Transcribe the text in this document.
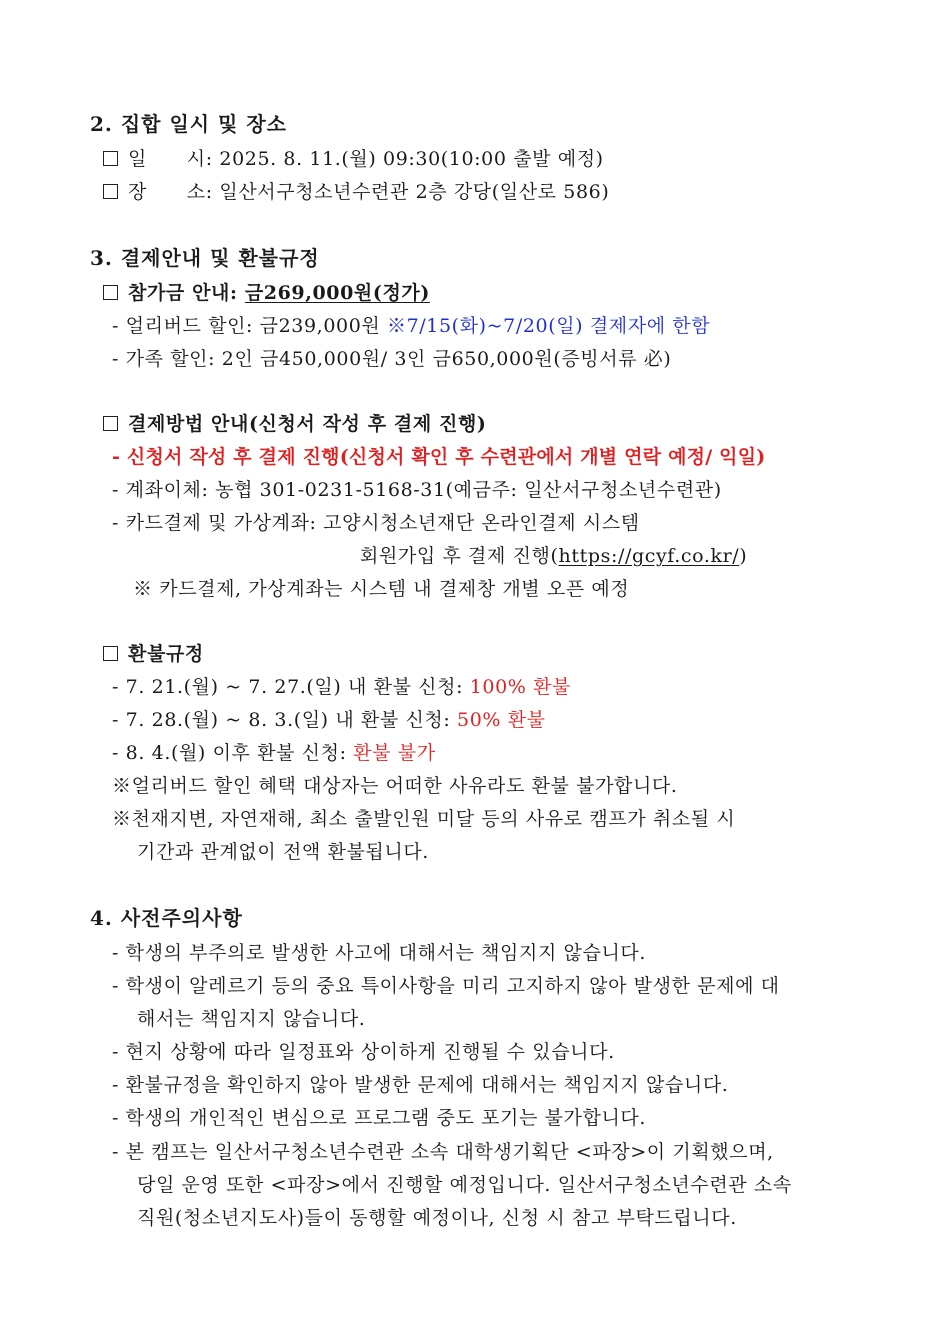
2. 집합 일시 및 장소
일      시: 2025. 8. 11.(월) 09:30(10:00 출발 예정)
장      소: 일산서구청소년수련관 2층 강당(일산로 586)
3. 결제안내 및 환불규정
참가금 안내: 금269,000원(정가)
- 얼리버드 할인: 금239,000원 ※7/15(화)~7/20(일) 결제자에 한함
- 가족 할인: 2인 금450,000원/ 3인 금650,000원(증빙서류 必)
결제방법 안내(신청서 작성 후 결제 진행)
- 신청서 작성 후 결제 진행(신청서 확인 후 수련관에서 개별 연락 예정/ 익일)
- 계좌이체: 농협 301-0231-5168-31(예금주: 일산서구청소년수련관)
- 카드결제 및 가상계좌: 고양시청소년재단 온라인결제 시스템
회원가입 후 결제 진행(https://gcyf.co.kr/)
※ 카드결제, 가상계좌는 시스템 내 결제창 개별 오픈 예정
환불규정
- 7. 21.(월) ~ 7. 27.(일) 내 환불 신청: 100% 환불
- 7. 28.(월) ~ 8. 3.(일) 내 환불 신청: 50% 환불
- 8. 4.(월) 이후 환불 신청: 환불 불가
※얼리버드 할인 혜택 대상자는 어떠한 사유라도 환불 불가합니다.
※천재지변, 자연재해, 최소 출발인원 미달 등의 사유로 캠프가 취소될 시
기간과 관계없이 전액 환불됩니다.
4. 사전주의사항
- 학생의 부주의로 발생한 사고에 대해서는 책임지지 않습니다.
- 학생이 알레르기 등의 중요 특이사항을 미리 고지하지 않아 발생한 문제에 대
해서는 책임지지 않습니다.
- 현지 상황에 따라 일정표와 상이하게 진행될 수 있습니다.
- 환불규정을 확인하지 않아 발생한 문제에 대해서는 책임지지 않습니다.
- 학생의 개인적인 변심으로 프로그램 중도 포기는 불가합니다.
- 본 캠프는 일산서구청소년수련관 소속 대학생기획단 <파장>이 기획했으며,
당일 운영 또한 <파장>에서 진행할 예정입니다. 일산서구청소년수련관 소속
직원(청소년지도사)들이 동행할 예정이나, 신청 시 참고 부탁드립니다.
